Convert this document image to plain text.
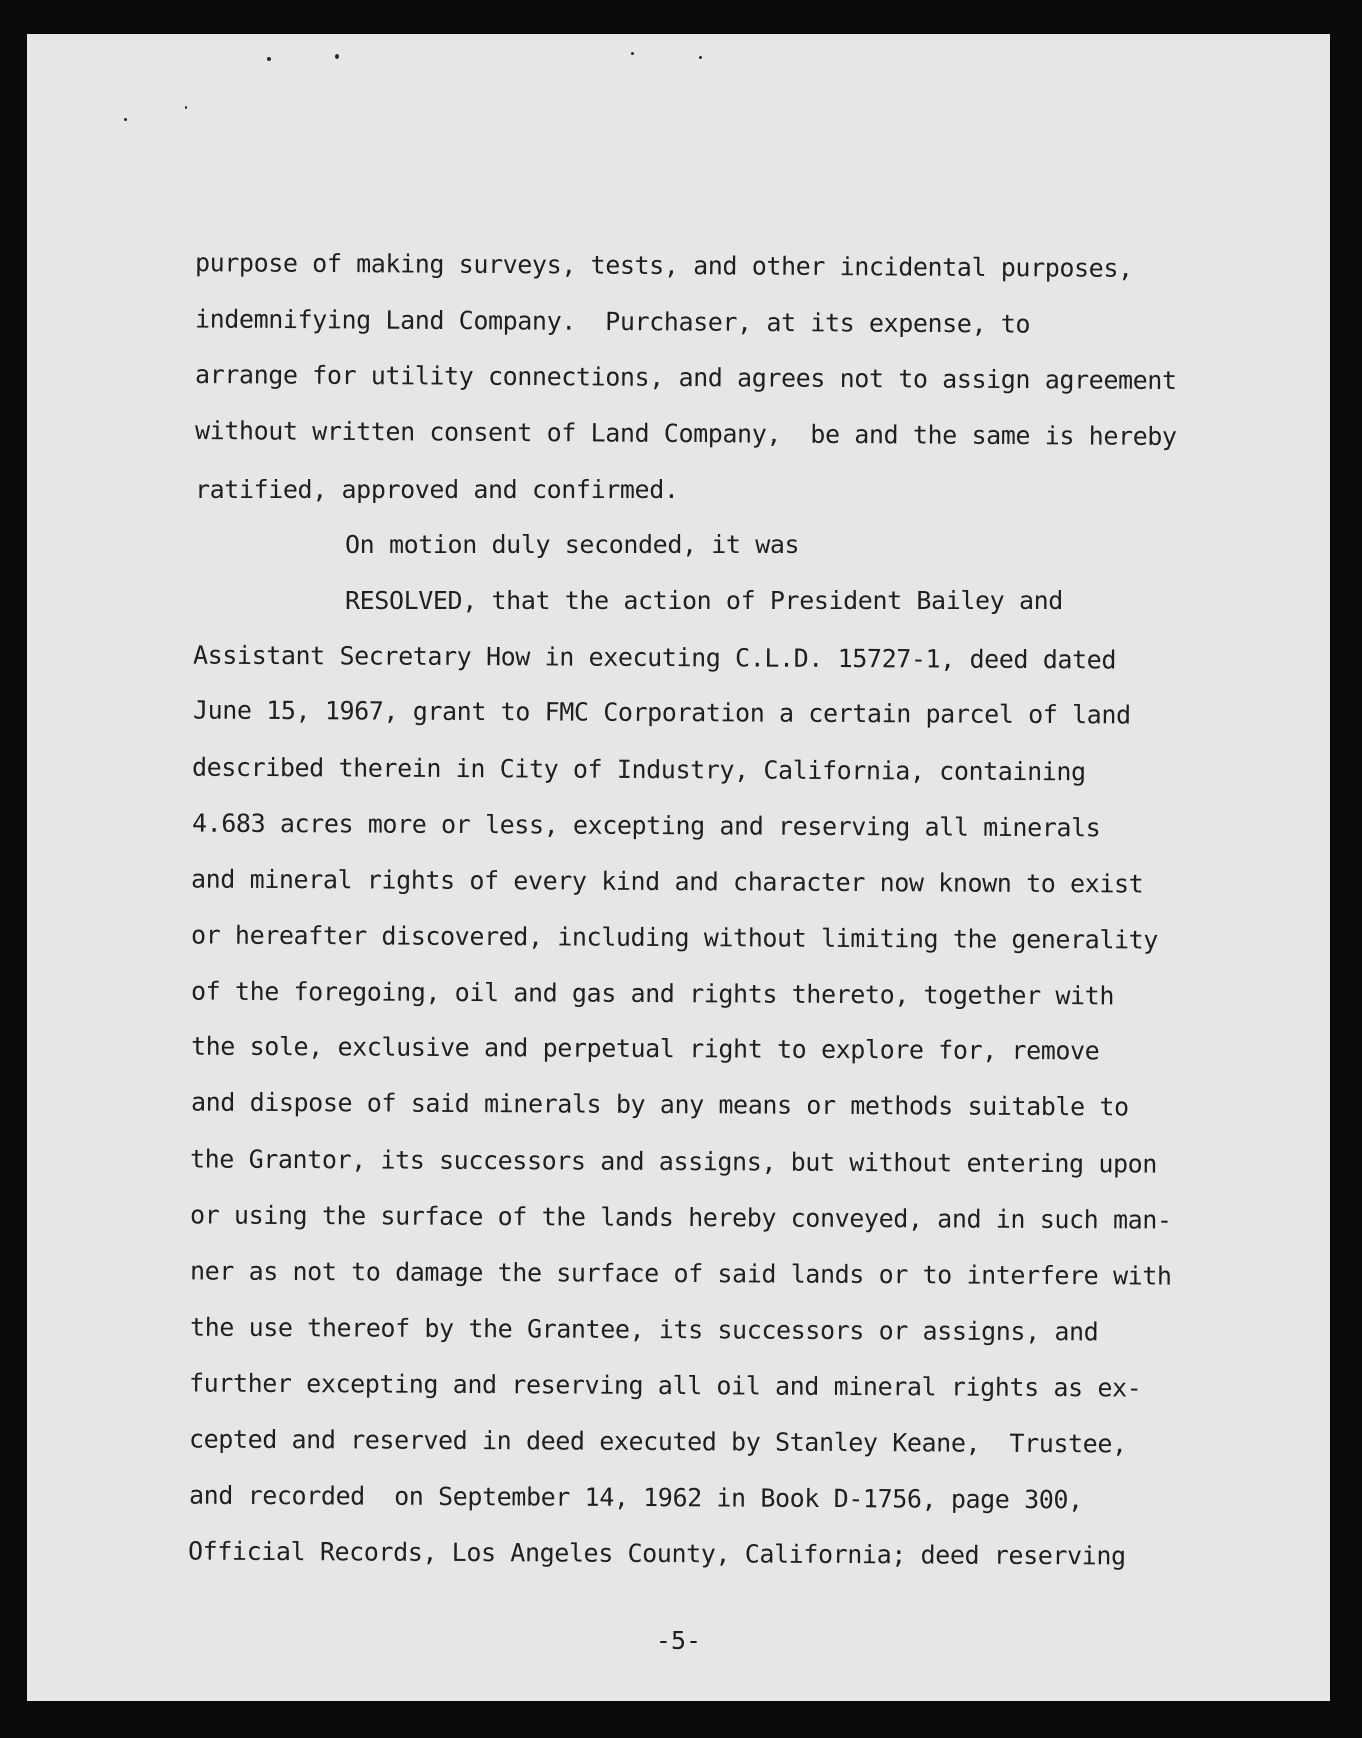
purpose of making surveys, tests, and other incidental purposes,
indemnifying Land Company.  Purchaser, at its expense, to
arrange for utility connections, and agrees not to assign agreement
without written consent of Land Company,  be and the same is hereby
ratified, approved and confirmed.
On motion duly seconded, it was
RESOLVED, that the action of President Bailey and
Assistant Secretary How in executing C.L.D. 15727-1, deed dated
June 15, 1967, grant to FMC Corporation a certain parcel of land
described therein in City of Industry, California, containing
4.683 acres more or less, excepting and reserving all minerals
and mineral rights of every kind and character now known to exist
or hereafter discovered, including without limiting the generality
of the foregoing, oil and gas and rights thereto, together with
the sole, exclusive and perpetual right to explore for, remove
and dispose of said minerals by any means or methods suitable to
the Grantor, its successors and assigns, but without entering upon
or using the surface of the lands hereby conveyed, and in such man-
ner as not to damage the surface of said lands or to interfere with
the use thereof by the Grantee, its successors or assigns, and
further excepting and reserving all oil and mineral rights as ex-
cepted and reserved in deed executed by Stanley Keane,  Trustee,
and recorded  on September 14, 1962 in Book D-1756, page 300,
Official Records, Los Angeles County, California; deed reserving
-5-
